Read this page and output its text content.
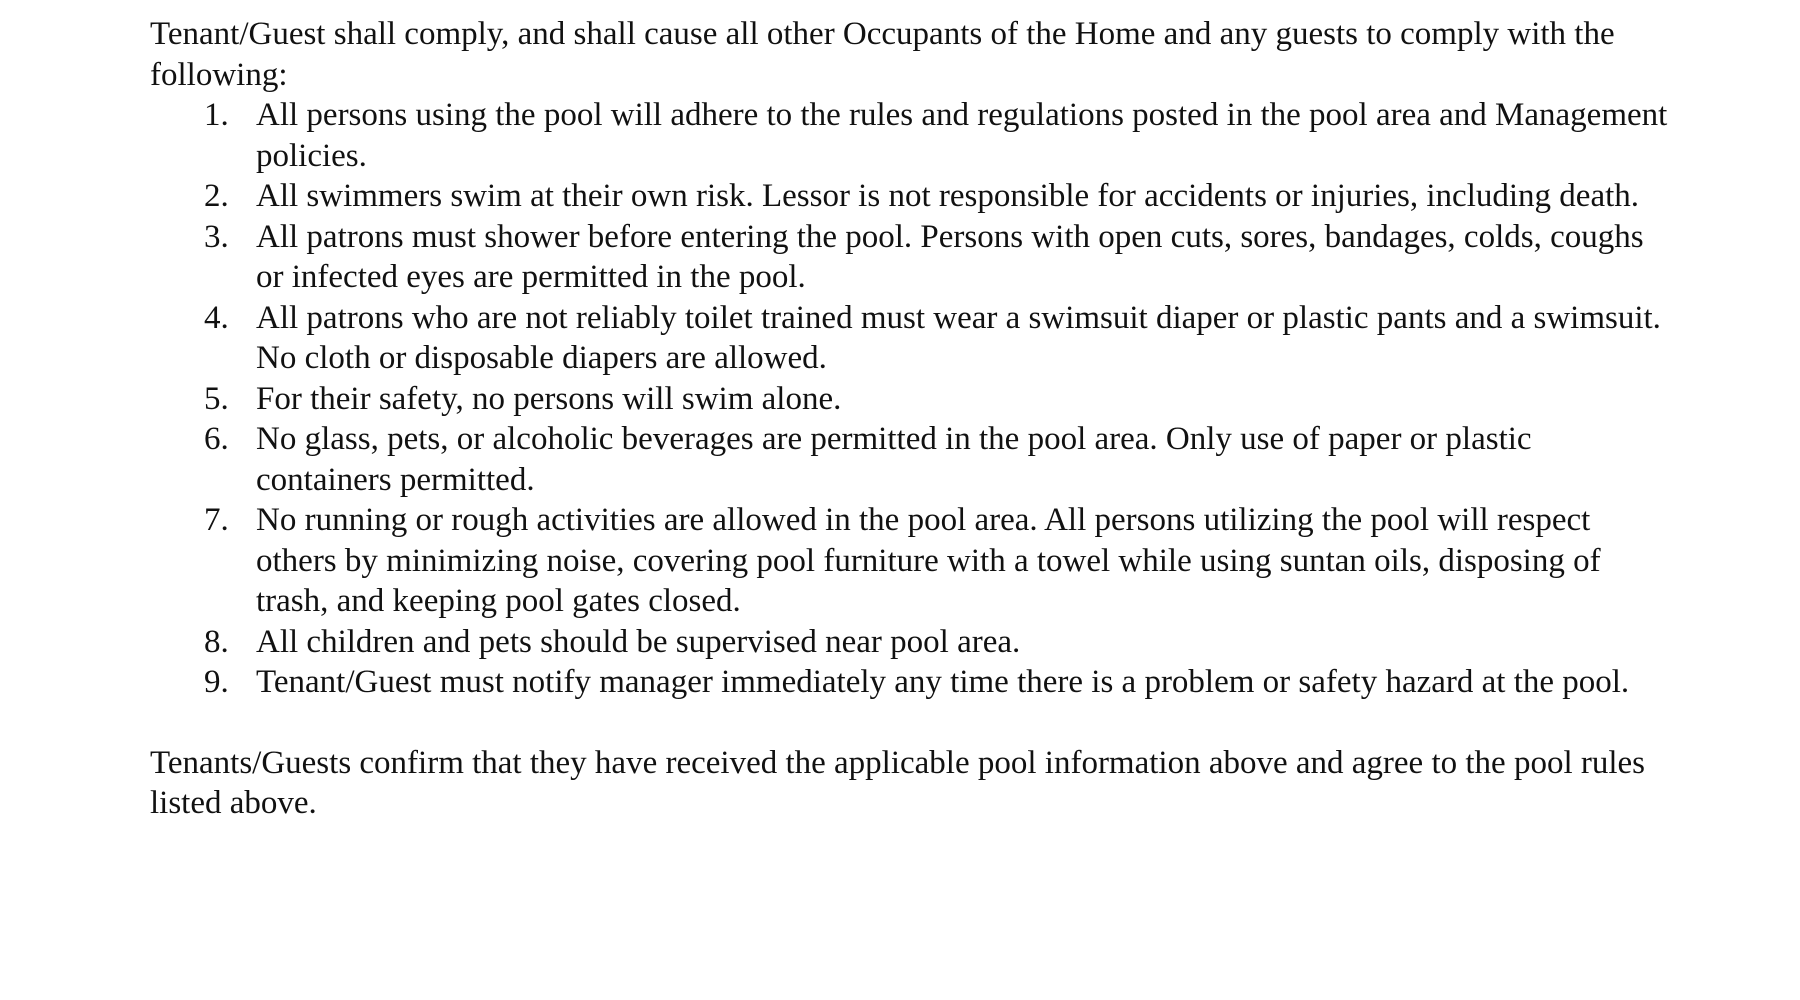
Tenant/Guest shall comply, and shall cause all other Occupants of the Home and any guests to comply with the following:

1. All persons using the pool will adhere to the rules and regulations posted in the pool area and Management policies.
2. All swimmers swim at their own risk. Lessor is not responsible for accidents or injuries, including death.
3. All patrons must shower before entering the pool. Persons with open cuts, sores, bandages, colds, coughs or infected eyes are permitted in the pool.
4. All patrons who are not reliably toilet trained must wear a swimsuit diaper or plastic pants and a swimsuit. No cloth or disposable diapers are allowed.
5. For their safety, no persons will swim alone.
6. No glass, pets, or alcoholic beverages are permitted in the pool area. Only use of paper or plastic containers permitted.
7. No running or rough activities are allowed in the pool area. All persons utilizing the pool will respect others by minimizing noise, covering pool furniture with a towel while using suntan oils, disposing of trash, and keeping pool gates closed.
8. All children and pets should be supervised near pool area.
9. Tenant/Guest must notify manager immediately any time there is a problem or safety hazard at the pool.

Tenants/Guests confirm that they have received the applicable pool information above and agree to the pool rules listed above.
